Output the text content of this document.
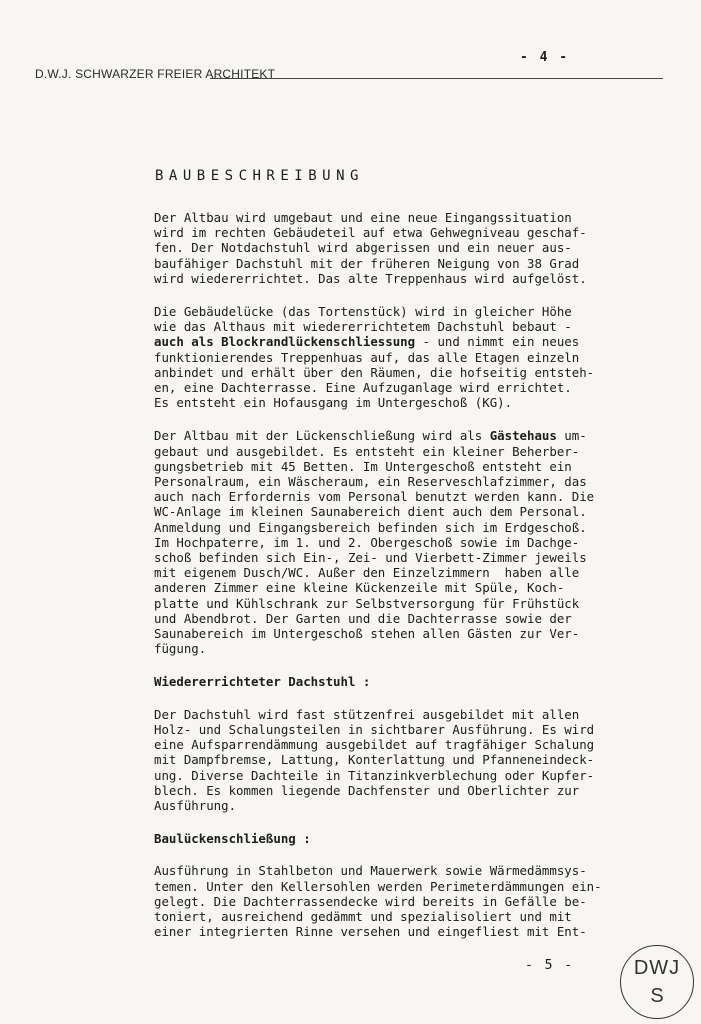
D.W.J. SCHWARZER FREIER ARCHITEKT
- 4 -
BAUBESCHREIBUNG
Der Altbau wird umgebaut und eine neue Eingangssituation
wird im rechten Gebäudeteil auf etwa Gehwegniveau geschaf-
fen. Der Notdachstuhl wird abgerissen und ein neuer aus-
baufähiger Dachstuhl mit der früheren Neigung von 38 Grad
wird wiedererrichtet. Das alte Treppenhaus wird aufgelöst.
Die Gebäudelücke (das Tortenstück) wird in gleicher Höhe
wie das Althaus mit wiedererrichtetem Dachstuhl bebaut -
auch als Blockrandlückenschliessung - und nimmt ein neues
funktionierendes Treppenhuas auf, das alle Etagen einzeln
anbindet und erhält über den Räumen, die hofseitig entsteh-
en, eine Dachterrasse. Eine Aufzuganlage wird errichtet.
Es entsteht ein Hofausgang im Untergeschoß (KG).
Der Altbau mit der Lückenschließung wird als Gästehaus um-
gebaut und ausgebildet. Es entsteht ein kleiner Beherber-
gungsbetrieb mit 45 Betten. Im Untergeschoß entsteht ein
Personalraum, ein Wäscheraum, ein Reserveschlafzimmer, das
auch nach Erfordernis vom Personal benutzt werden kann. Die
WC-Anlage im kleinen Saunabereich dient auch dem Personal.
Anmeldung und Eingangsbereich befinden sich im Erdgeschoß.
Im Hochpaterre, im 1. und 2. Obergeschoß sowie im Dachge-
schoß befinden sich Ein-, Zei- und Vierbett-Zimmer jeweils
mit eigenem Dusch/WC. Außer den Einzelzimmern  haben alle
anderen Zimmer eine kleine Kückenzeile mit Spüle, Koch-
platte und Kühlschrank zur Selbstversorgung für Frühstück
und Abendbrot. Der Garten und die Dachterrasse sowie der
Saunabereich im Untergeschoß stehen allen Gästen zur Ver-
fügung.
Wiedererrichteter Dachstuhl :
Der Dachstuhl wird fast stützenfrei ausgebildet mit allen
Holz- und Schalungsteilen in sichtbarer Ausführung. Es wird
eine Aufsparrendämmung ausgebildet auf tragfähiger Schalung
mit Dampfbremse, Lattung, Konterlattung und Pfanneneindeck-
ung. Diverse Dachteile in Titanzinkverblechung oder Kupfer-
blech. Es kommen liegende Dachfenster und Oberlichter zur
Ausführung.
Baulückenschließung :
Ausführung in Stahlbeton und Mauerwerk sowie Wärmedämmsys-
temen. Unter den Kellersohlen werden Perimeterdämmungen ein-
gelegt. Die Dachterrassendecke wird bereits in Gefälle be-
toniert, ausreichend gedämmt und spezialisoliert und mit
einer integrierten Rinne versehen und eingefliest mit Ent-
- 5 -	DWJ
S
